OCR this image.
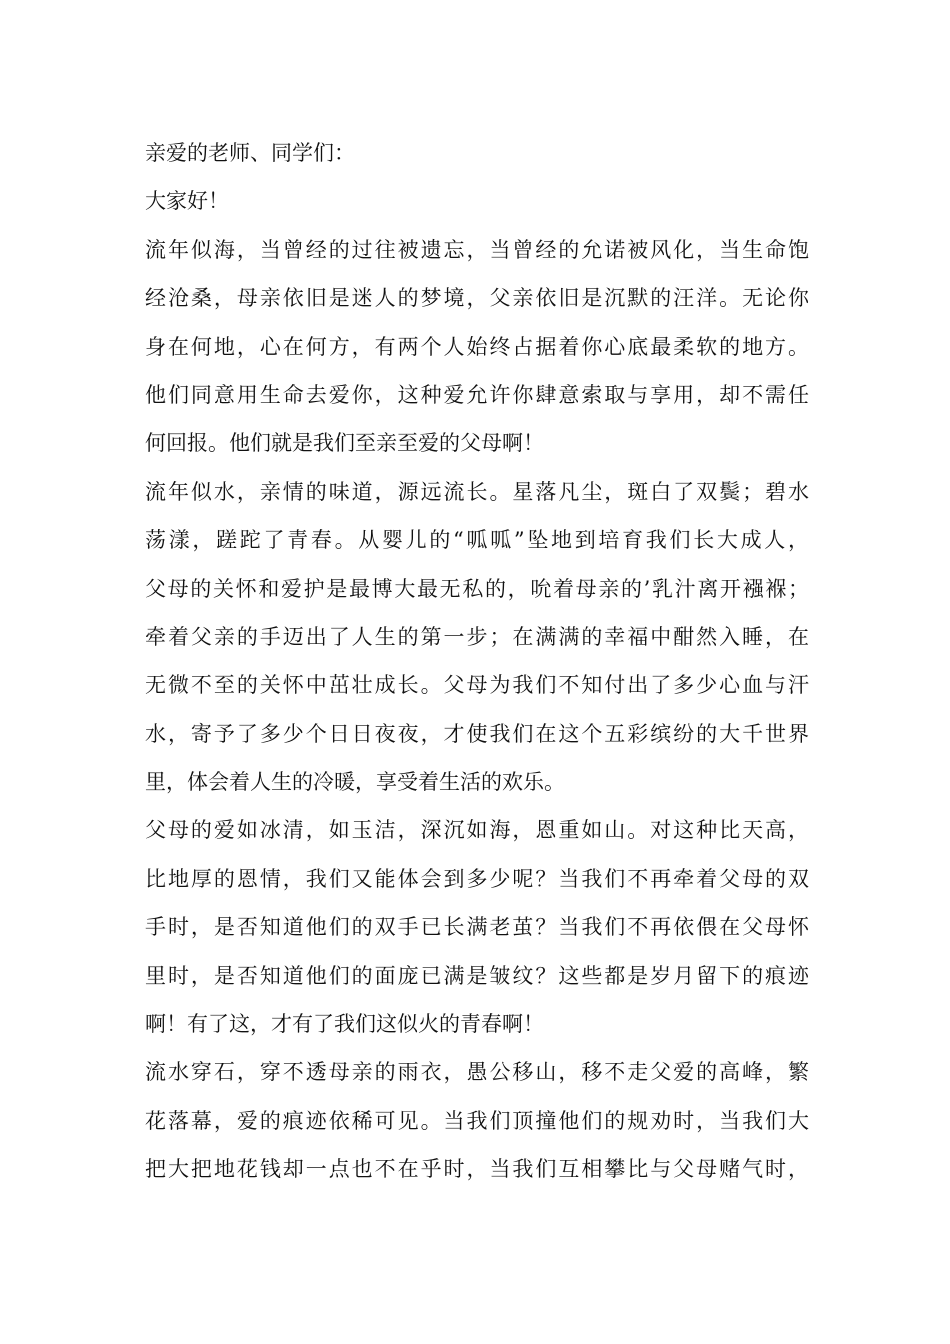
亲爱的老师、同学们：
大家好！
流年似海，当曾经的过往被遗忘，当曾经的允诺被风化，当生命饱
经沧桑，母亲依旧是迷人的梦境，父亲依旧是沉默的汪洋。无论你
身在何地，心在何方，有两个人始终占据着你心底最柔软的地方。
他们同意用生命去爱你，这种爱允许你肆意索取与享用，却不需任
何回报。他们就是我们至亲至爱的父母啊！
流年似水，亲情的味道，源远流长。星落凡尘，斑白了双鬓；碧水
荡漾，蹉跎了青春。从婴儿的“呱呱”坠地到培育我们长大成人，
父母的关怀和爱护是最博大最无私的，吮着母亲的’乳汁离开襁褓；
牵着父亲的手迈出了人生的第一步；在满满的幸福中酣然入睡，在
无微不至的关怀中茁壮成长。父母为我们不知付出了多少心血与汗
水，寄予了多少个日日夜夜，才使我们在这个五彩缤纷的大千世界
里，体会着人生的冷暖，享受着生活的欢乐。
父母的爱如冰清，如玉洁，深沉如海，恩重如山。对这种比天高，
比地厚的恩情，我们又能体会到多少呢？当我们不再牵着父母的双
手时，是否知道他们的双手已长满老茧？当我们不再依偎在父母怀
里时，是否知道他们的面庞已满是皱纹？这些都是岁月留下的痕迹
啊！有了这，才有了我们这似火的青春啊！
流水穿石，穿不透母亲的雨衣，愚公移山，移不走父爱的高峰，繁
花落幕，爱的痕迹依稀可见。当我们顶撞他们的规劝时，当我们大
把大把地花钱却一点也不在乎时，当我们互相攀比与父母赌气时，
